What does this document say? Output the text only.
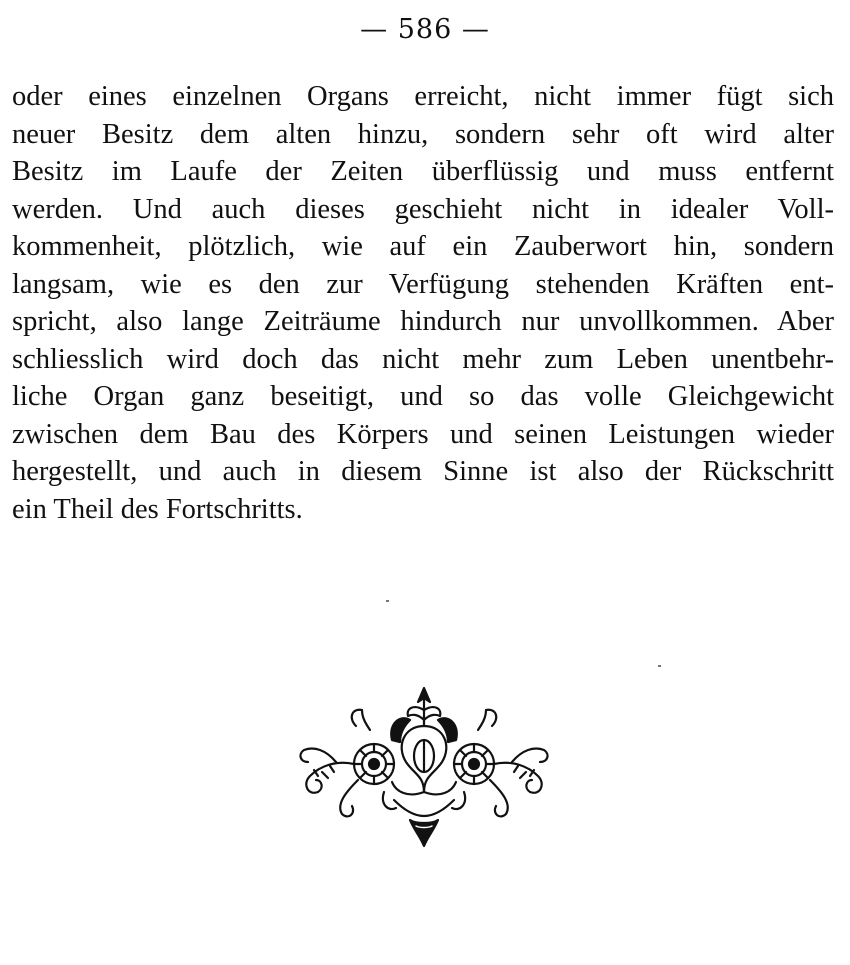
— 586 —
oder eines einzelnen Organs erreicht, nicht immer fügt sich
neuer Besitz dem alten hinzu, sondern sehr oft wird alter
Besitz im Laufe der Zeiten überflüssig und muss entfernt
werden. Und auch dieses geschieht nicht in idealer Voll-
kommenheit, plötzlich, wie auf ein Zauberwort hin, sondern
langsam, wie es den zur Verfügung stehenden Kräften ent-
spricht, also lange Zeiträume hindurch nur unvollkommen. Aber
schliesslich wird doch das nicht mehr zum Leben unentbehr-
liche Organ ganz beseitigt, und so das volle Gleichgewicht
zwischen dem Bau des Körpers und seinen Leistungen wieder
hergestellt, und auch in diesem Sinne ist also der Rückschritt
ein Theil des Fortschritts.
